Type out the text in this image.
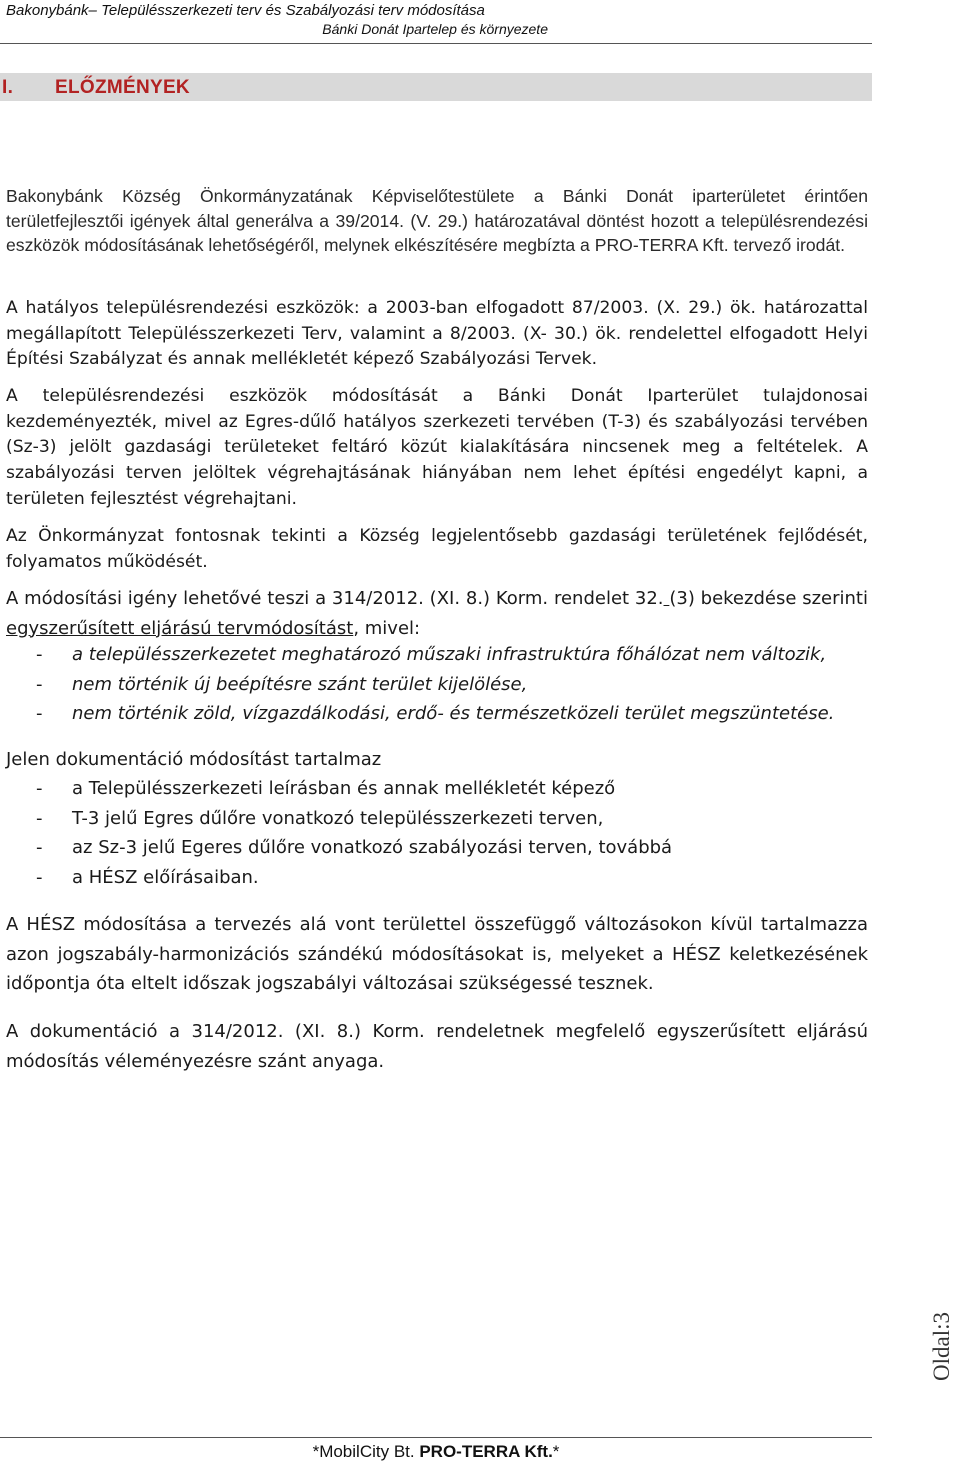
Bakonybánk– Településszerkezeti terv és Szabályozási terv módosítása
Bánki Donát Ipartelep és környezete
I. ELŐZMÉNYEK

Bakonybánk Község Önkormányzatának Képviselőtestülete a Bánki Donát iparterületet érintően területfejlesztői igények által generálva a 39/2014. (V. 29.) határozatával döntést hozott a településrendezési eszközök módosításának lehetőségéről, melynek elkészítésére megbízta a PRO-TERRA Kft. tervező irodát.

A hatályos településrendezési eszközök: a 2003-ban elfogadott 87/2003. (X. 29.) ök. határozattal megállapított Településszerkezeti Terv, valamint a 8/2003. (X- 30.) ök. rendelettel elfogadott Helyi Építési Szabályzat és annak mellékletét képező Szabályozási Tervek.

A településrendezési eszközök módosítását a Bánki Donát Iparterület tulajdonosai kezdeményezték, mivel az Egres-dűlő hatályos szerkezeti tervében (T-3) és szabályozási tervében (Sz-3) jelölt gazdasági területeket feltáró közút kialakítására nincsenek meg a feltételek. A szabályozási terven jelöltek végrehajtásának hiányában nem lehet építési engedélyt kapni, a területen fejlesztést végrehajtani.

Az Önkormányzat fontosnak tekinti a Község legjelentősebb gazdasági területének fejlődését, folyamatos működését.

A módosítási igény lehetővé teszi a 314/2012. (XI. 8.) Korm. rendelet 32. (3) bekezdése szerinti egyszerűsített eljárású tervmódosítást, mivel:

- a településszerkezetet meghatározó műszaki infrastruktúra főhálózat nem változik,
- nem történik új beépítésre szánt terület kijelölése,
- nem történik zöld, vízgazdálkodási, erdő- és természetközeli terület megszüntetése.

Jelen dokumentáció módosítást tartalmaz

- a Településszerkezeti leírásban és annak mellékletét képező
- T-3 jelű Egres dűlőre vonatkozó településszerkezeti terven,
- az Sz-3 jelű Egeres dűlőre vonatkozó szabályozási terven, továbbá
- a HÉSZ előírásaiban.

A HÉSZ módosítása a tervezés alá vont területtel összefüggő változásokon kívül tartalmazza azon jogszabály-harmonizációs szándékú módosításokat is, melyeket a HÉSZ keletkezésének időpontja óta eltelt időszak jogszabályi változásai szükségessé tesznek.

A dokumentáció a 314/2012. (XI. 8.) Korm. rendeletnek megfelelő egyszerűsített eljárású módosítás véleményezésre szánt anyaga.

Oldal:3
*MobilCity Bt. PRO-TERRA Kft.*
